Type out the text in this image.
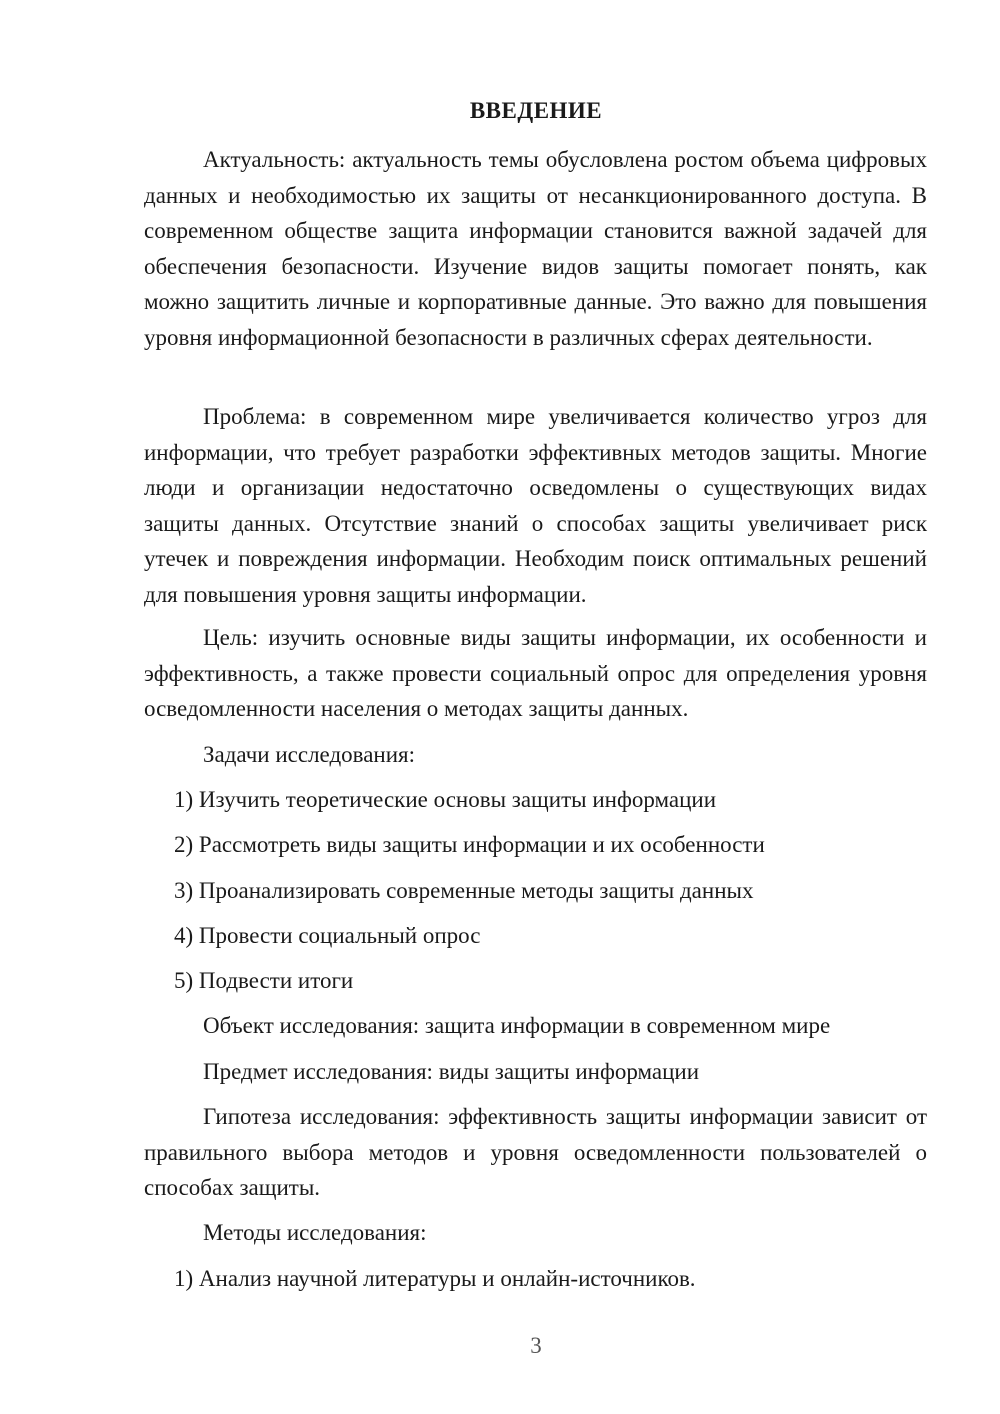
ВВЕДЕНИЕ

Актуальность: актуальность темы обусловлена ростом объема цифровых данных и необходимостью их защиты от несанкционированного доступа. В современном обществе защита информации становится важной задачей для обеспечения безопасности. Изучение видов защиты помогает понять, как можно защитить личные и корпоративные данные. Это важно для повышения уровня информационной безопасности в различных сферах деятельности.

Проблема: в современном мире увеличивается количество угроз для информации, что требует разработки эффективных методов защиты. Многие люди и организации недостаточно осведомлены о существующих видах защиты данных. Отсутствие знаний о способах защиты увеличивает риск утечек и повреждения информации. Необходим поиск оптимальных решений для повышения уровня защиты информации.

Цель: изучить основные виды защиты информации, их особенности и эффективность, а также провести социальный опрос для определения уровня осведомленности населения о методах защиты данных.

Задачи исследования:

1) Изучить теоретические основы защиты информации

2) Рассмотреть виды защиты информации и их особенности

3) Проанализировать современные методы защиты данных

4) Провести социальный опрос

5) Подвести итоги

Объект исследования: защита информации в современном мире

Предмет исследования: виды защиты информации

Гипотеза исследования: эффективность защиты информации зависит от правильного выбора методов и уровня осведомленности пользователей о способах защиты.

Методы исследования:

1) Анализ научной литературы и онлайн-источников.

3
